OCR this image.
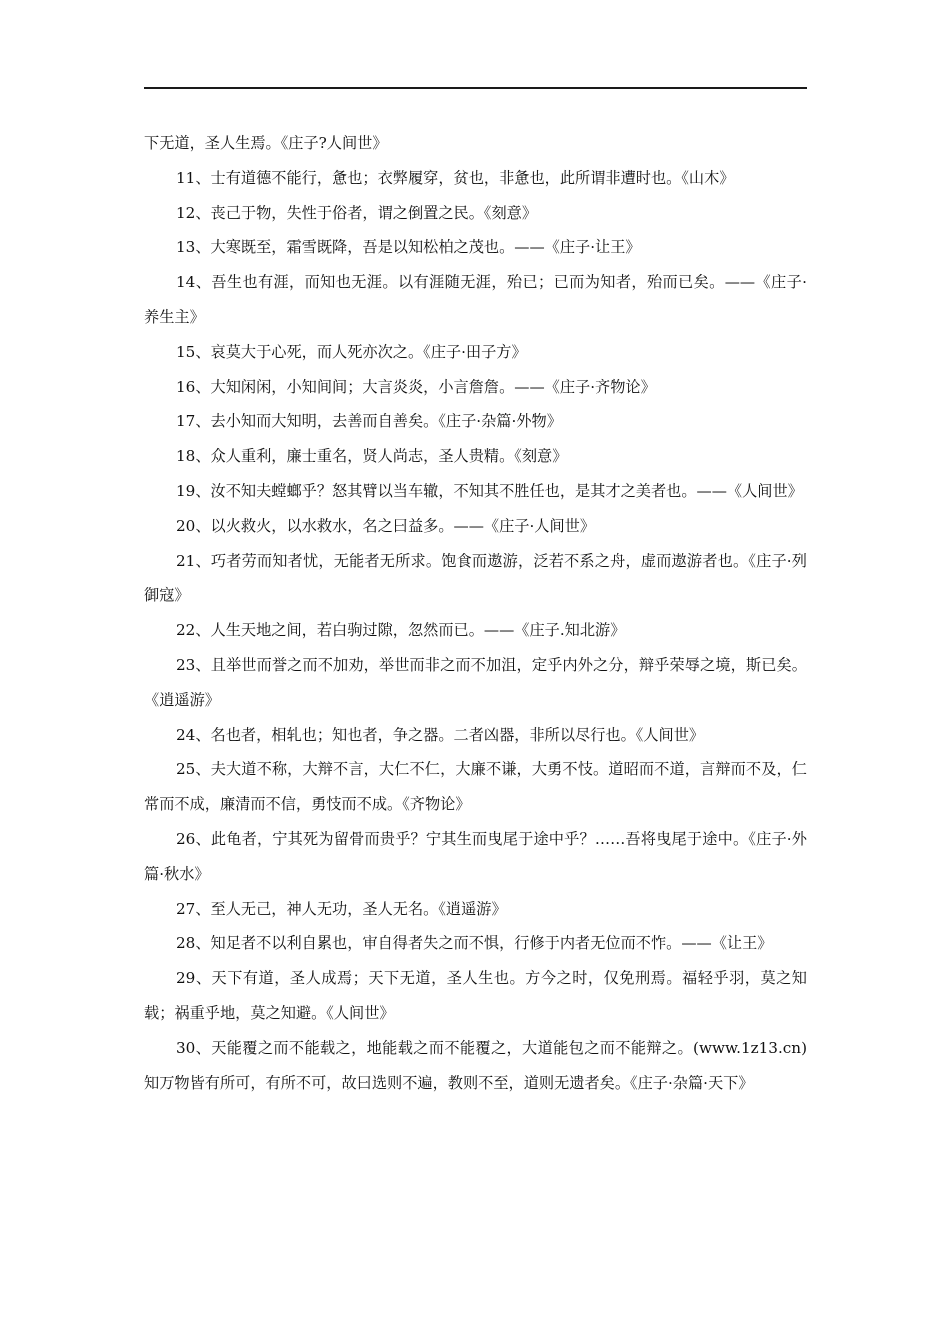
下无道，圣人生焉。《庄子?人间世》

11、士有道德不能行，惫也；衣弊履穿，贫也，非惫也，此所谓非遭时也。《山木》

12、丧己于物，失性于俗者，谓之倒置之民。《刻意》

13、大寒既至，霜雪既降，吾是以知松柏之茂也。——《庄子·让王》

14、吾生也有涯，而知也无涯。以有涯随无涯，殆已；已而为知者，殆而已矣。——《庄子·养生主》

15、哀莫大于心死，而人死亦次之。《庄子·田子方》

16、大知闲闲，小知间间；大言炎炎，小言詹詹。——《庄子·齐物论》

17、去小知而大知明，去善而自善矣。《庄子·杂篇·外物》

18、众人重利，廉士重名，贤人尚志，圣人贵精。《刻意》

19、汝不知夫螳螂乎？怒其臂以当车辙，不知其不胜任也，是其才之美者也。——《人间世》

20、以火救火，以水救水，名之曰益多。——《庄子·人间世》

21、巧者劳而知者忧，无能者无所求。饱食而遨游，泛若不系之舟，虚而遨游者也。《庄子·列御寇》

22、人生天地之间，若白驹过隙，忽然而已。——《庄子.知北游》

23、且举世而誉之而不加劝，举世而非之而不加沮，定乎内外之分，辩乎荣辱之境，斯已矣。《逍遥游》

24、名也者，相轧也；知也者，争之器。二者凶器，非所以尽行也。《人间世》

25、夫大道不称，大辩不言，大仁不仁，大廉不谦，大勇不忮。道昭而不道，言辩而不及，仁常而不成，廉清而不信，勇忮而不成。《齐物论》

26、此龟者，宁其死为留骨而贵乎？宁其生而曳尾于途中乎？……吾将曳尾于途中。《庄子·外篇·秋水》

27、至人无己，神人无功，圣人无名。《逍遥游》

28、知足者不以利自累也，审自得者失之而不惧，行修于内者无位而不怍。——《让王》

29、天下有道，圣人成焉；天下无道，圣人生也。方今之时，仅免刑焉。福轻乎羽，莫之知载；祸重乎地，莫之知避。《人间世》

30、天能覆之而不能载之，地能载之而不能覆之，大道能包之而不能辩之。(www.1z13.cn)知万物皆有所可，有所不可，故曰选则不遍，教则不至，道则无遗者矣。《庄子·杂篇·天下》
